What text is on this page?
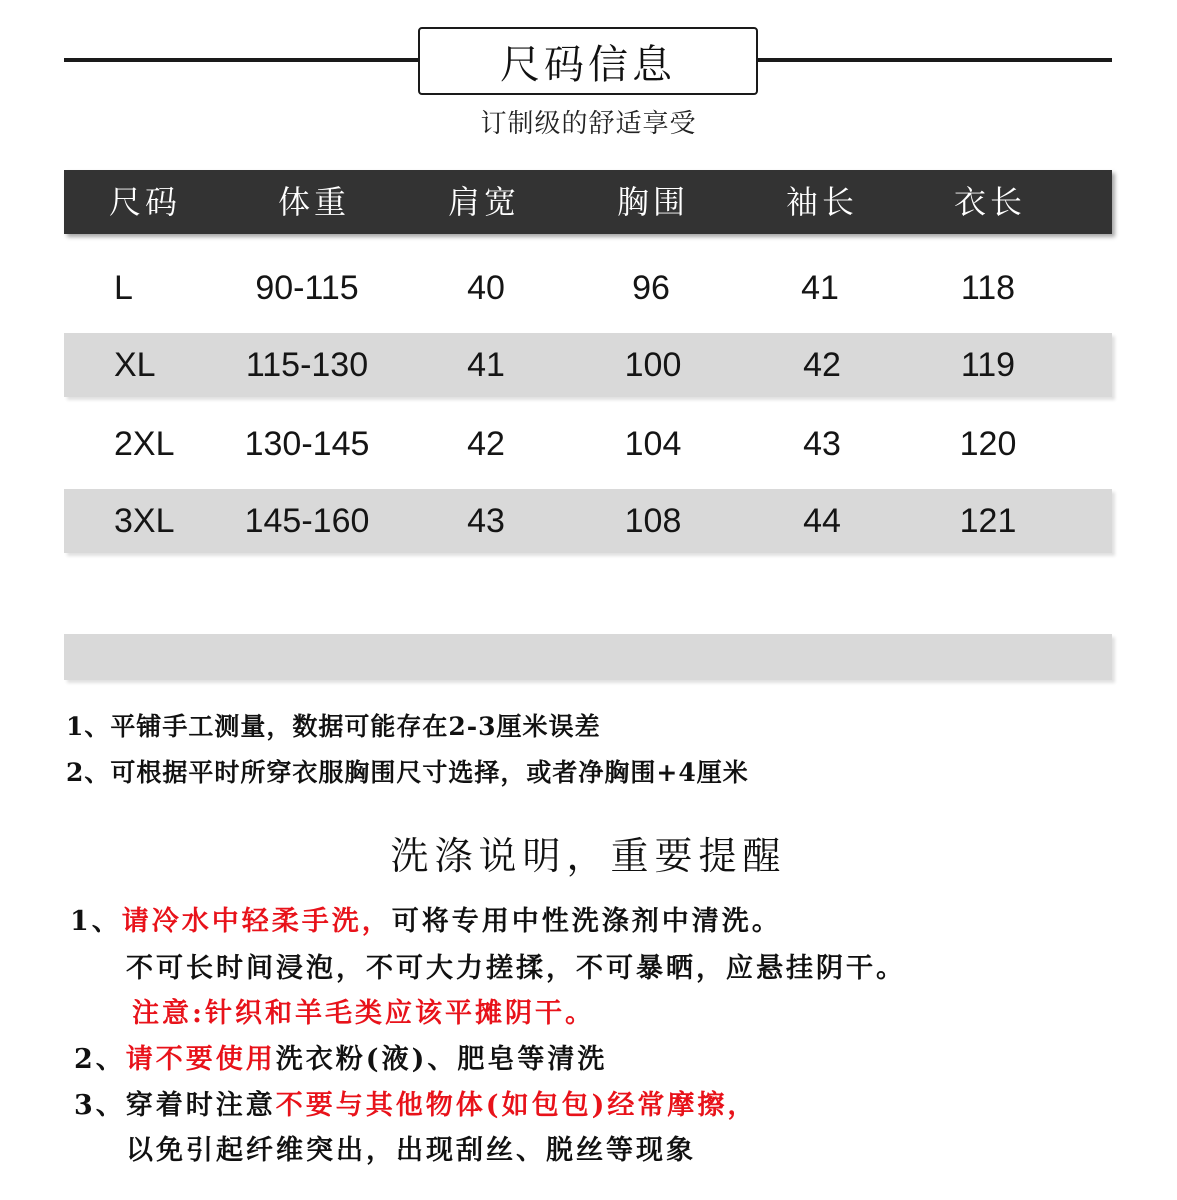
尺码信息
订制级的舒适享受
尺码	体重	肩宽	胸围	袖长	衣长
L	90-115	40	96	41	118
XL	115-130	41	100	42	119
2XL 130-145	42	104	43	120
3XL 145-160	43	108	44	121
1、平铺手工测量，数据可能存在2-3厘米误差
2、可根据平时所穿衣服胸围尺寸选择，或者净胸围+4厘米
洗涤说明，重要提醒
1、请冷水中轻柔手洗，可将专用中性洗涤剂中清洗。
不可长时间浸泡，不可大力搓揉，不可暴晒，应悬挂阴干。
注意:针织和羊毛类应该平摊阴干。
2、请不要使用洗衣粉(液)、肥皂等清洗
3、穿着时注意不要与其他物体(如包包)经常摩擦，
以免引起纤维突出，出现刮丝、脱丝等现象
